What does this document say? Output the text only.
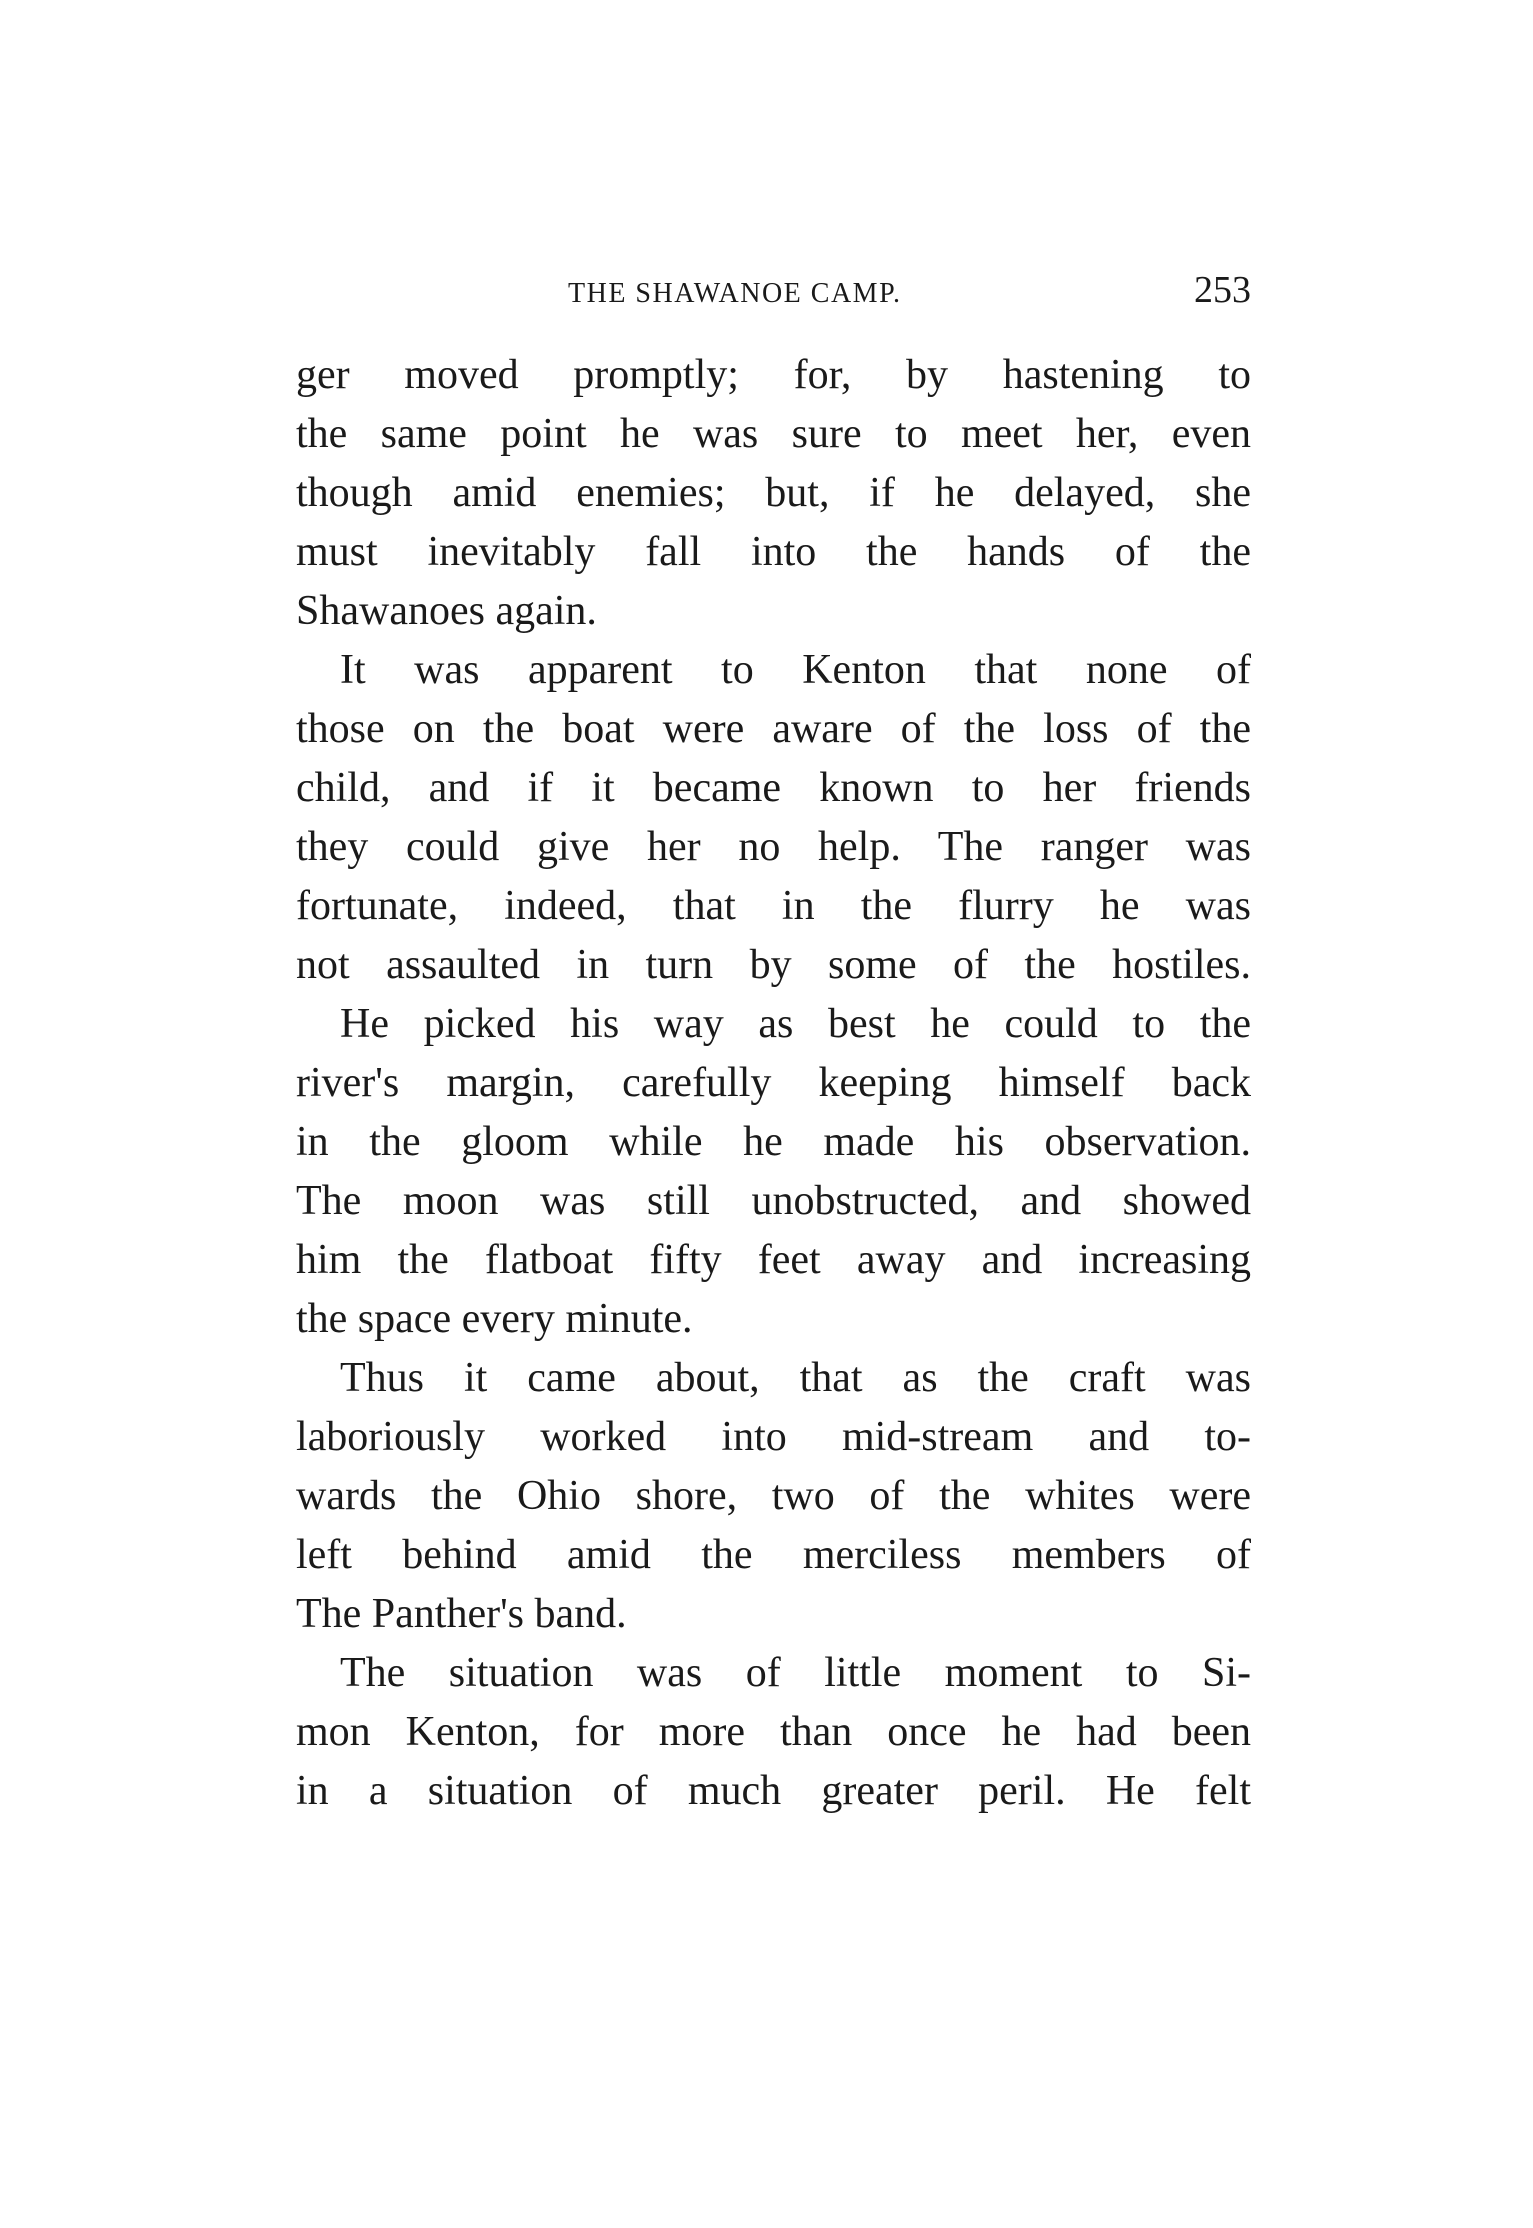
THE SHAWANOE CAMP.	253
ger moved promptly; for, by hastening to
the same point he was sure to meet her, even
though amid enemies; but, if he delayed, she
must inevitably fall into the hands of the
Shawanoes again.
It was apparent to Kenton that none of
those on the boat were aware of the loss of the
child, and if it became known to her friends
they could give her no help. The ranger was
fortunate, indeed, that in the flurry he was
not assaulted in turn by some of the hostiles.
He picked his way as best he could to the
river's margin, carefully keeping himself back
in the gloom while he made his observation.
The moon was still unobstructed, and showed
him the flatboat fifty feet away and increasing
the space every minute.
Thus it came about, that as the craft was
laboriously worked into mid-stream and to-
wards the Ohio shore, two of the whites were
left behind amid the merciless members of
The Panther's band.
The situation was of little moment to Si-
mon Kenton, for more than once he had been
in a situation of much greater peril. He felt
